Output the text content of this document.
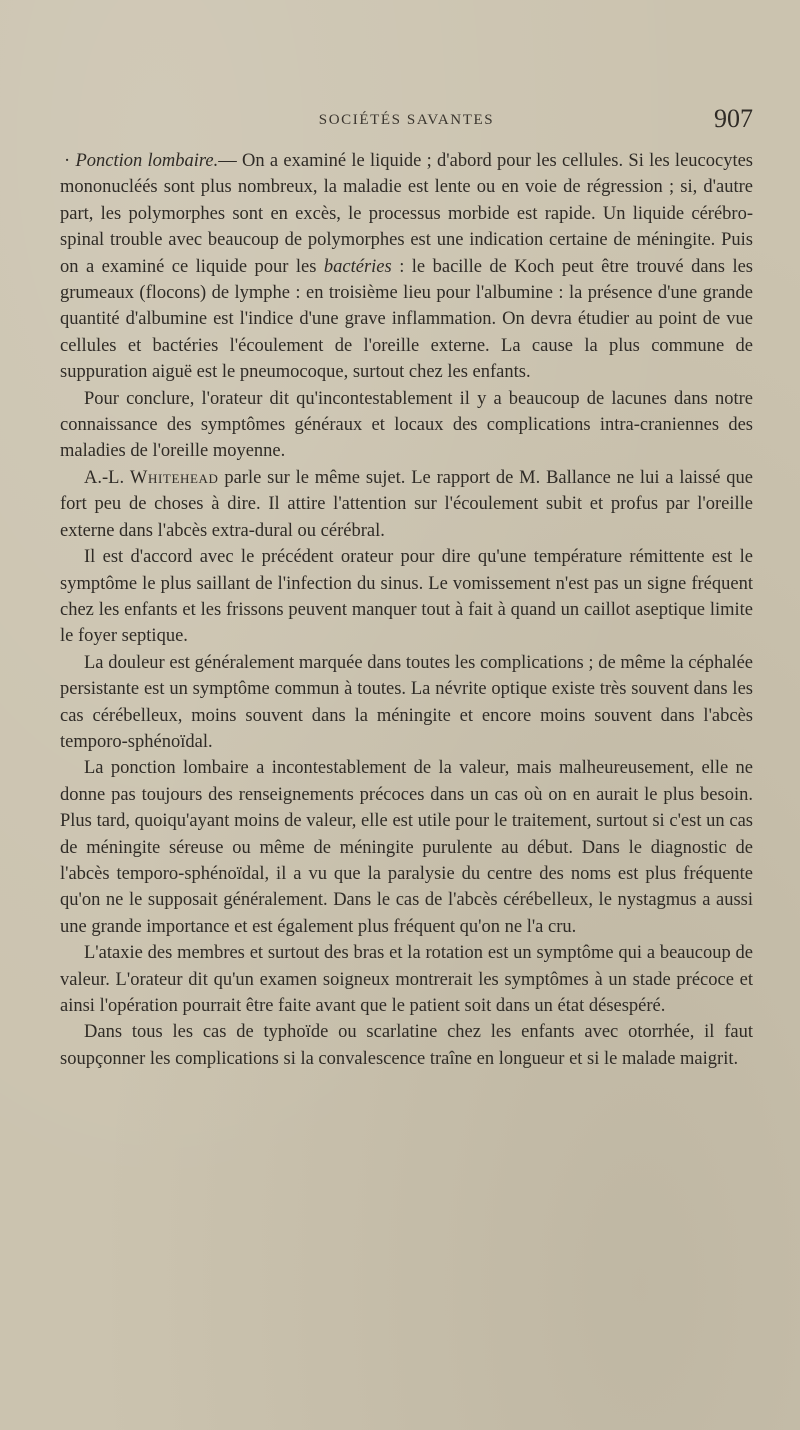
SOCIÉTÉS SAVANTES	907

· Ponction lombaire.— On a examiné le liquide ; d'abord pour les cellules. Si les leucocytes mononucléés sont plus nombreux, la maladie est lente ou en voie de régression ; si, d'autre part, les polymorphes sont en excès, le processus morbide est rapide. Un liquide cérébro-spinal trouble avec beaucoup de polymorphes est une indication certaine de méningite. Puis on a examiné ce liquide pour les bactéries : le bacille de Koch peut être trouvé dans les grumeaux (flocons) de lymphe : en troisième lieu pour l'albumine : la présence d'une grande quantité d'albumine est l'indice d'une grave inflammation. On devra étudier au point de vue cellules et bactéries l'écoulement de l'oreille externe. La cause la plus commune de suppuration aiguë est le pneumocoque, surtout chez les enfants.

Pour conclure, l'orateur dit qu'incontestablement il y a beaucoup de lacunes dans notre connaissance des symptômes généraux et locaux des complications intra-craniennes des maladies de l'oreille moyenne.

A.-L. Whitehead parle sur le même sujet. Le rapport de M. Ballance ne lui a laissé que fort peu de choses à dire. Il attire l'attention sur l'écoulement subit et profus par l'oreille externe dans l'abcès extra-dural ou cérébral.

Il est d'accord avec le précédent orateur pour dire qu'une température rémittente est le symptôme le plus saillant de l'infection du sinus. Le vomissement n'est pas un signe fréquent chez les enfants et les frissons peuvent manquer tout à fait à quand un caillot aseptique limite le foyer septique.

La douleur est généralement marquée dans toutes les complications ; de même la céphalée persistante est un symptôme commun à toutes. La névrite optique existe très souvent dans les cas cérébelleux, moins souvent dans la méningite et encore moins souvent dans l'abcès temporo-sphénoïdal.

La ponction lombaire a incontestablement de la valeur, mais malheureusement, elle ne donne pas toujours des renseignements précoces dans un cas où on en aurait le plus besoin. Plus tard, quoiqu'ayant moins de valeur, elle est utile pour le traitement, surtout si c'est un cas de méningite séreuse ou même de méningite purulente au début. Dans le diagnostic de l'abcès temporo-sphénoïdal, il a vu que la paralysie du centre des noms est plus fréquente qu'on ne le supposait généralement. Dans le cas de l'abcès cérébelleux, le nystagmus a aussi une grande importance et est également plus fréquent qu'on ne l'a cru.

L'ataxie des membres et surtout des bras et la rotation est un symptôme qui a beaucoup de valeur. L'orateur dit qu'un examen soigneux montrerait les symptômes à un stade précoce et ainsi l'opération pourrait être faite avant que le patient soit dans un état désespéré.

Dans tous les cas de typhoïde ou scarlatine chez les enfants avec otorrhée, il faut soupçonner les complications si la convalescence traîne en longueur et si le malade maigrit.
